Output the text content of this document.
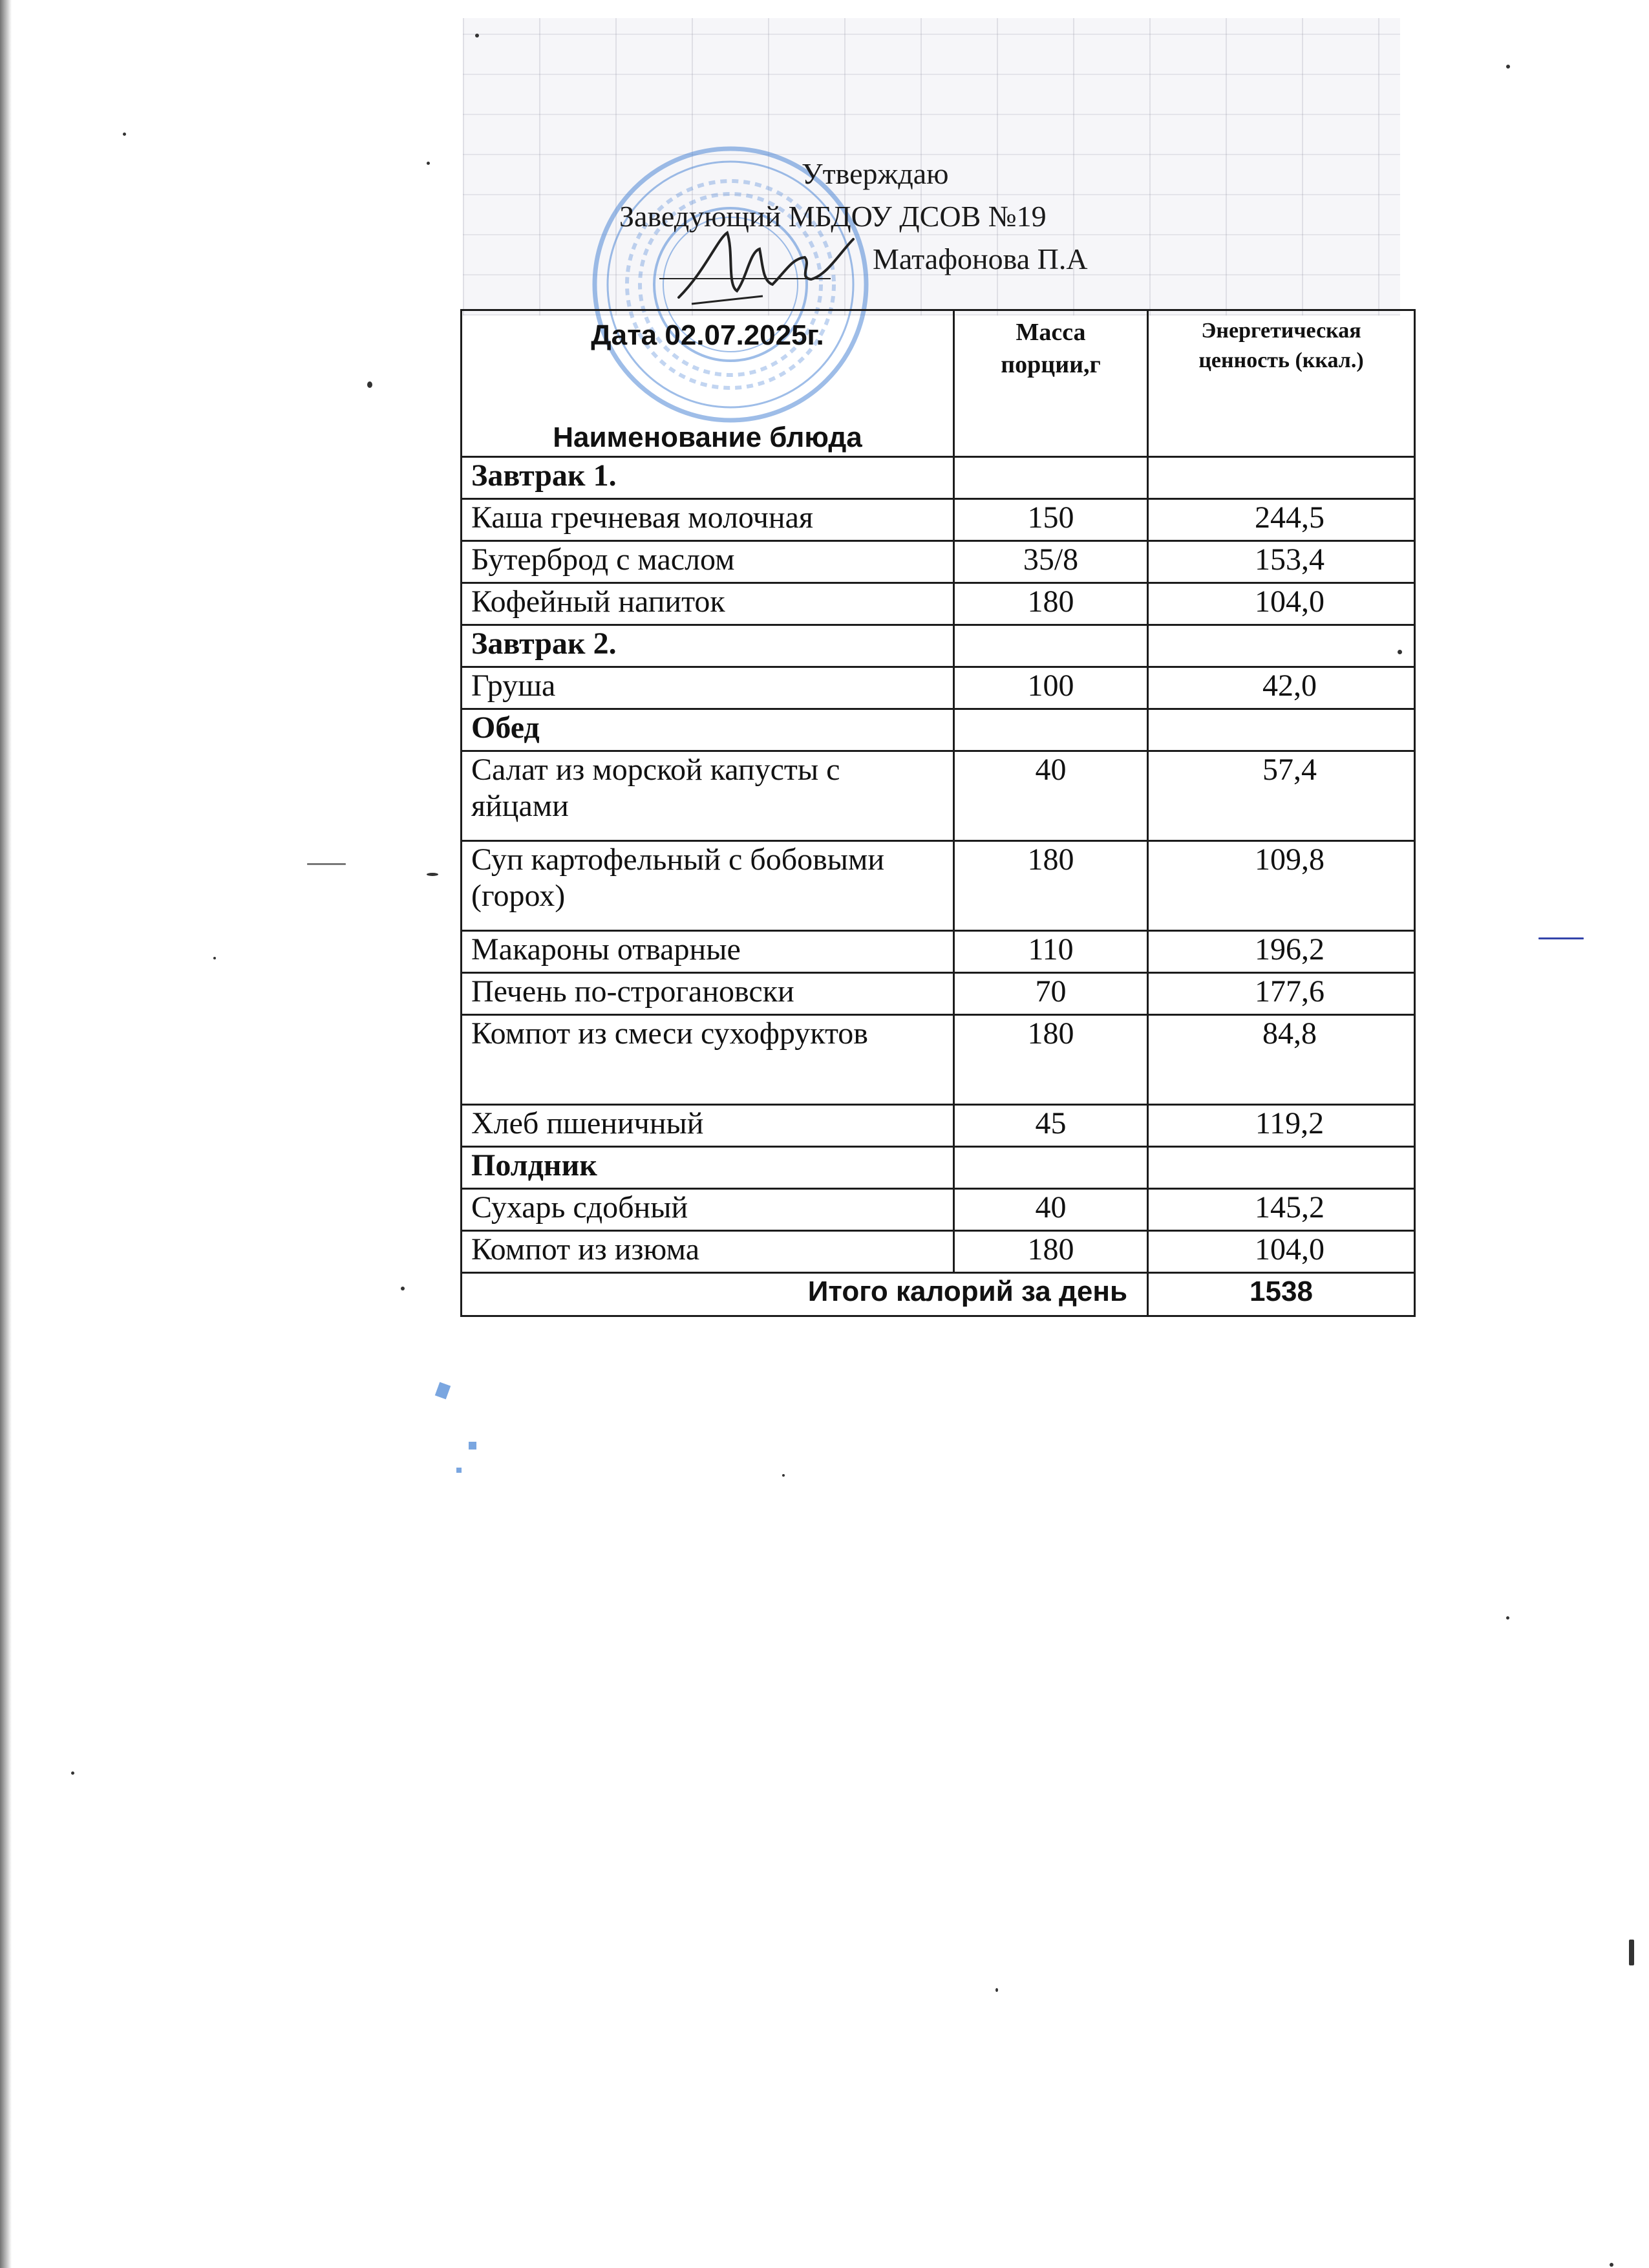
Утверждаю
Заведующий МБДОУ ДСОВ №19
Матафонова П.А
Дата 02.07.2025г.	Масса порции,г	Энергетическая ценность (ккал.)
Наименование блюда		
Завтрак 1.		
Каша гречневая молочная	150	244,5
Бутерброд с маслом	35/8	153,4
Кофейный напиток	180	104,0
Завтрак 2.		
Груша	100	42,0
Обед		
Салат из морской капусты с яйцами	40	57,4
Суп картофельный с бобовыми (горох)	180	109,8
Макароны отварные	110	196,2
Печень по-строгановски	70	177,6
Компот из смеси сухофруктов	180	84,8
Хлеб пшеничный	45	119,2
Полдник		
Сухарь сдобный	40	145,2
Компот из изюма	180	104,0
Итого калорий за день		1538
